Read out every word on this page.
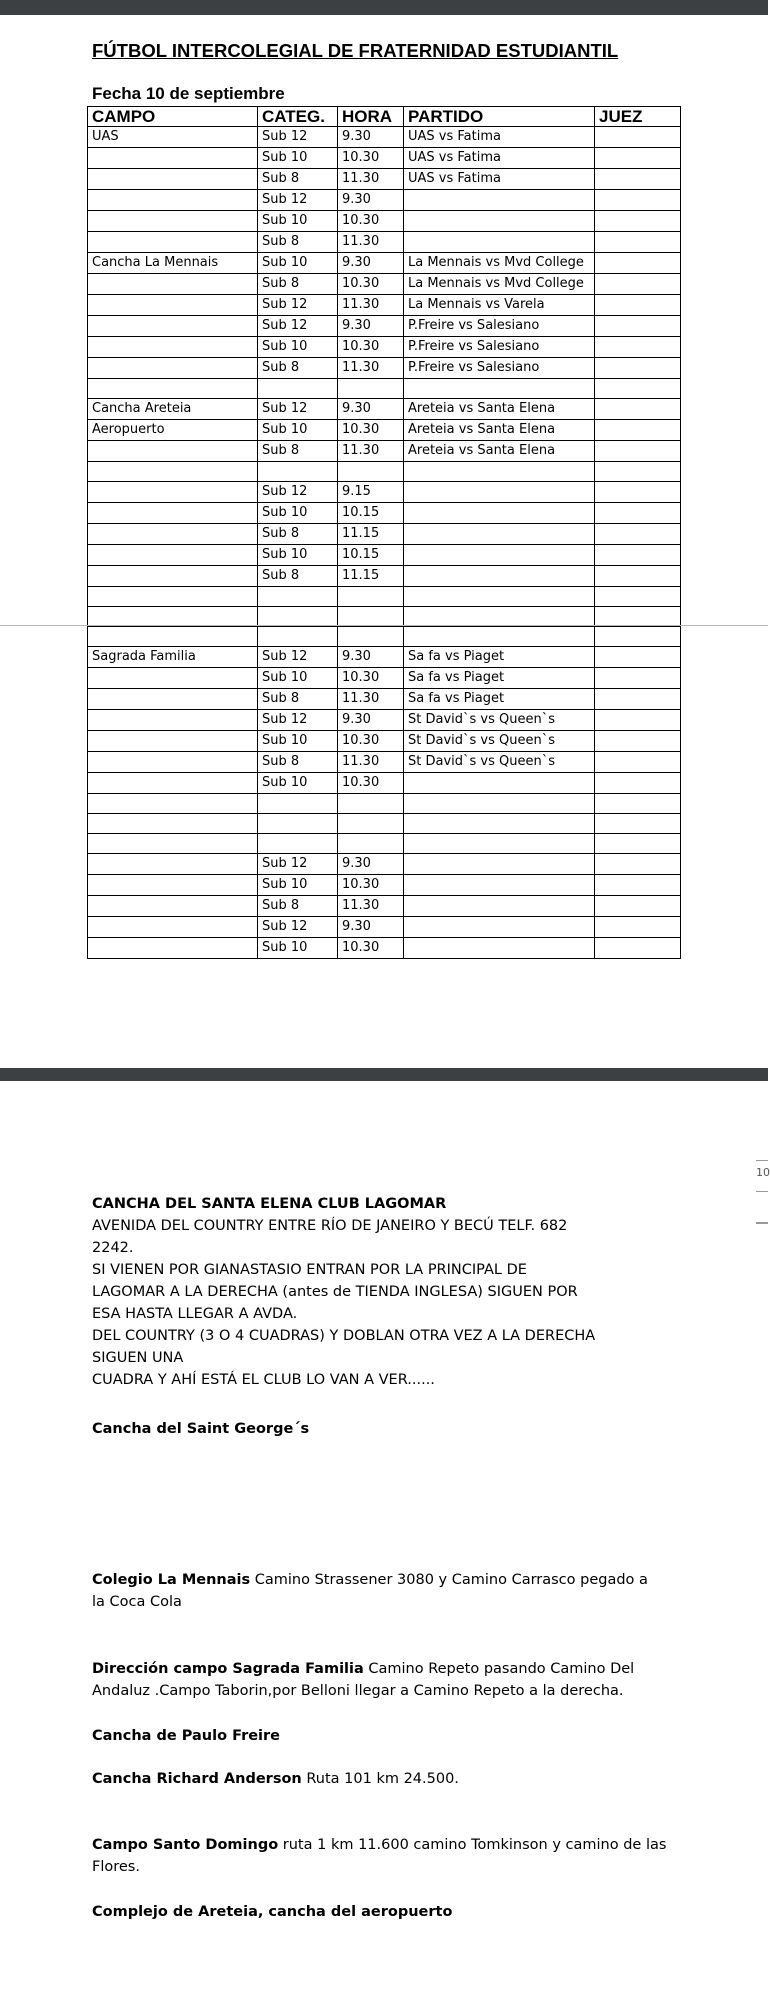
FÚTBOL INTERCOLEGIAL DE FRATERNIDAD ESTUDIANTIL
Fecha 10 de septiembre
CAMPO	CATEG.	HORA	PARTIDO	JUEZ
UAS	Sub 12	9.30	UAS vs Fatima	
	Sub 10	10.30	UAS vs Fatima	
	Sub 8	11.30	UAS vs Fatima	
	Sub 12	9.30		
	Sub 10	10.30		
	Sub 8	11.30		
Cancha La Mennais	Sub 10	9.30	La Mennais vs Mvd College	
	Sub 8	10.30	La Mennais vs Mvd College	
	Sub 12	11.30	La Mennais vs Varela	
	Sub 12	9.30	P.Freire vs Salesiano	
	Sub 10	10.30	P.Freire vs Salesiano	
	Sub 8	11.30	P.Freire vs Salesiano	

Cancha Areteia	Sub 12	9.30	Areteia vs Santa Elena	
Aeropuerto	Sub 10	10.30	Areteia vs Santa Elena	
	Sub 8	11.30	Areteia vs Santa Elena	

	Sub 12	9.15		
	Sub 10	10.15		
	Sub 8	11.15		
	Sub 10	10.15		
	Sub 8	11.15		

Sagrada Familia	Sub 12	9.30	Sa fa vs Piaget	
	Sub 10	10.30	Sa fa vs Piaget	
	Sub 8	11.30	Sa fa vs Piaget	
	Sub 12	9.30	St David`s vs Queen`s	
	Sub 10	10.30	St David`s vs Queen`s	
	Sub 8	11.30	St David`s vs Queen`s	
	Sub 10	10.30		

	Sub 12	9.30		
	Sub 10	10.30		
	Sub 8	11.30		
	Sub 12	9.30		
	Sub 10	10.30		
10
CANCHA DEL SANTA ELENA CLUB LAGOMAR
AVENIDA DEL COUNTRY ENTRE RÍO DE JANEIRO Y BECÚ TELF. 682
2242.
SI VIENEN POR GIANASTASIO ENTRAN POR LA PRINCIPAL DE
LAGOMAR A LA DERECHA (antes de TIENDA INGLESA) SIGUEN POR
ESA HASTA LLEGAR A AVDA.
DEL COUNTRY (3 O 4 CUADRAS) Y DOBLAN OTRA VEZ A LA DERECHA
SIGUEN UNA
CUADRA Y AHÍ ESTÁ EL CLUB LO VAN A VER......
Cancha del Saint George´s
Colegio La Mennais Camino Strassener 3080 y Camino Carrasco pegado a
la Coca Cola
Dirección campo Sagrada Familia Camino Repeto pasando Camino Del
Andaluz .Campo Taborin,por Belloni llegar a Camino Repeto a la derecha.
Cancha de Paulo Freire
Cancha Richard Anderson Ruta 101 km 24.500.
Campo Santo Domingo ruta 1 km 11.600 camino Tomkinson y camino de las
Flores.
Complejo de Areteia, cancha del aeropuerto
